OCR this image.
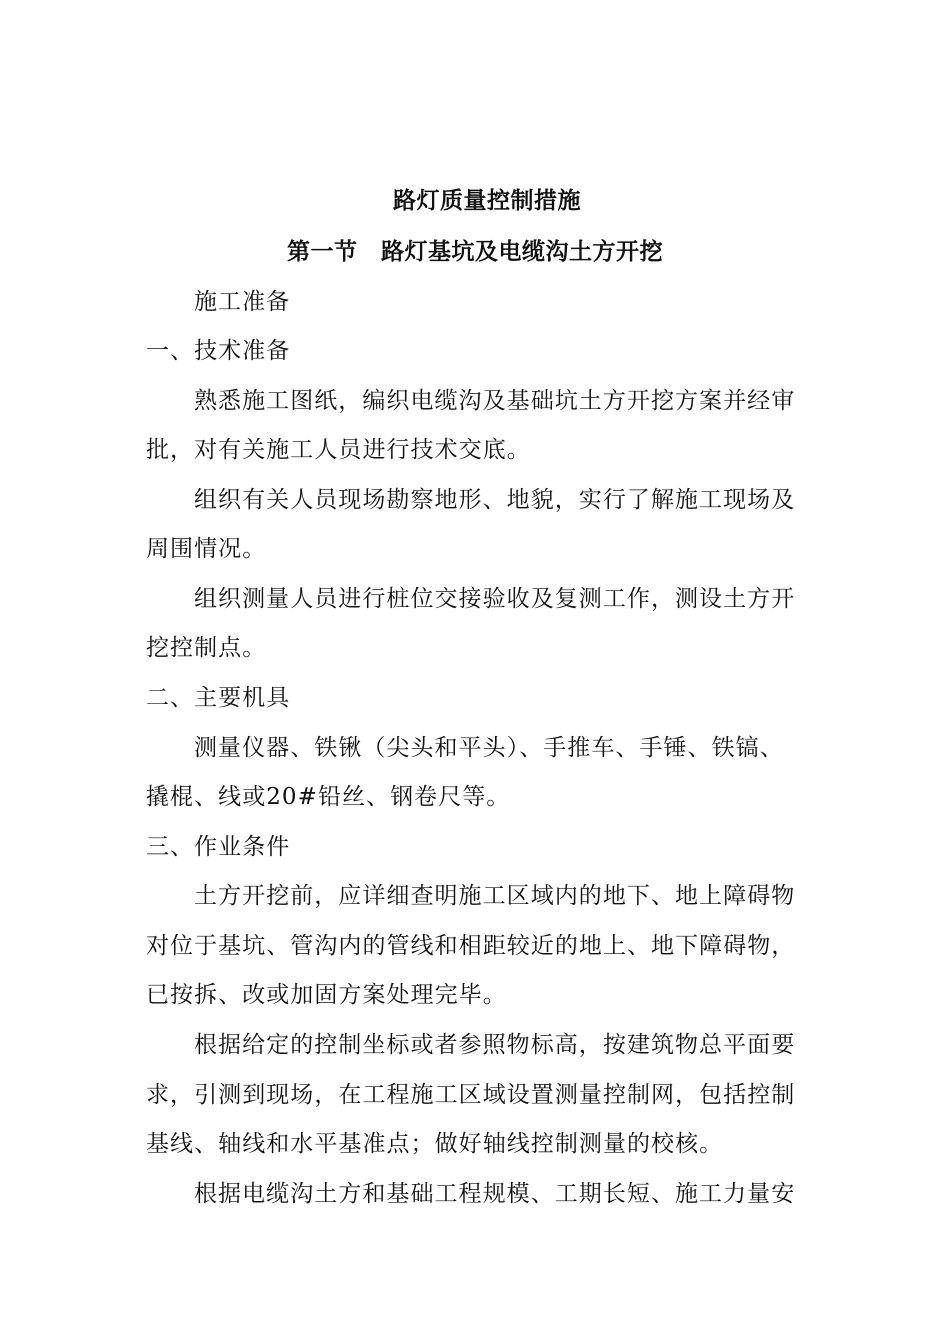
路灯质量控制措施
第一节　路灯基坑及电缆沟土方开挖
施工准备
一、技术准备
熟悉施工图纸，编织电缆沟及基础坑土方开挖方案并经审
批，对有关施工人员进行技术交底。
组织有关人员现场勘察地形、地貌，实行了解施工现场及
周围情况。
组织测量人员进行桩位交接验收及复测工作，测设土方开
挖控制点。
二、主要机具
测量仪器、铁锹（尖头和平头）、手推车、手锤、铁镐、
撬棍、线或20#铅丝、钢卷尺等。
三、作业条件
土方开挖前，应详细查明施工区域内的地下、地上障碍物
对位于基坑、管沟内的管线和相距较近的地上、地下障碍物，
已按拆、改或加固方案处理完毕。
根据给定的控制坐标或者参照物标高，按建筑物总平面要
求，引测到现场，在工程施工区域设置测量控制网，包括控制
基线、轴线和水平基准点；做好轴线控制测量的校核。
根据电缆沟土方和基础工程规模、工期长短、施工力量安
